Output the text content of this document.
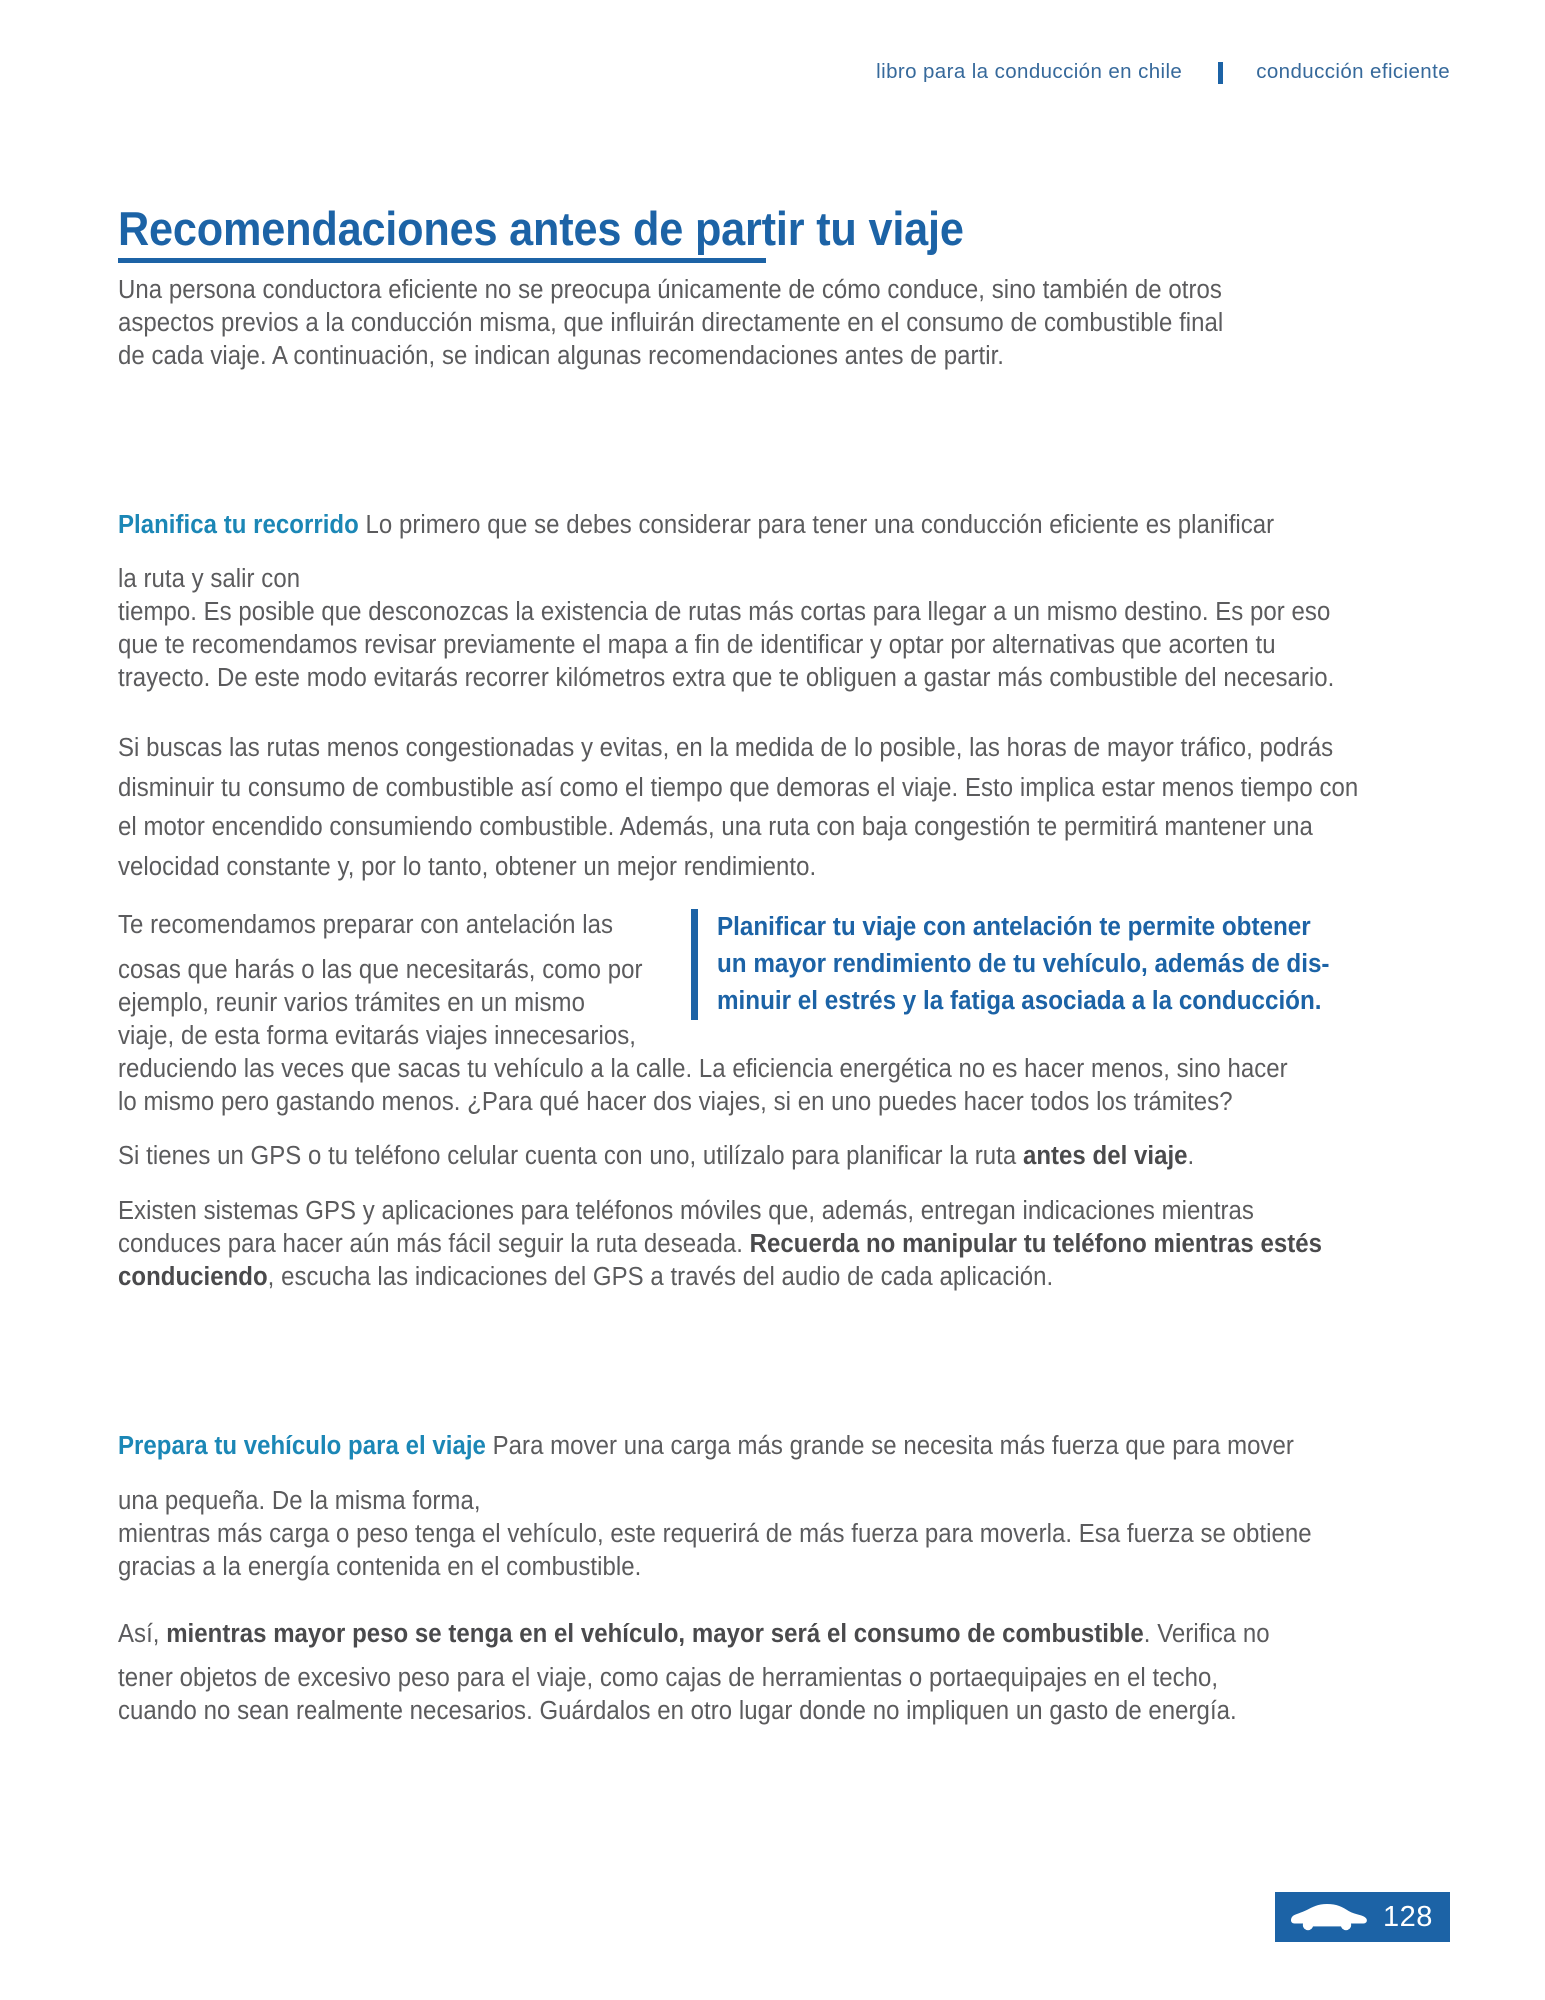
libro para la conducción en chile	conducción eficiente
Recomendaciones antes de partir tu viaje

Una persona conductora eficiente no se preocupa únicamente de cómo conduce, sino también de otros

aspectos previos a la conducción misma, que influirán directamente en el consumo de combustible final

de cada viaje. A continuación, se indican algunas recomendaciones antes de partir.

Planifica tu recorrido Lo primero que se debes considerar para tener una conducción eficiente es planificar

la ruta y salir con

tiempo. Es posible que desconozcas la existencia de rutas más cortas para llegar a un mismo destino. Es por eso que te recomendamos revisar previamente el mapa a fin de identificar y optar por alternativas que acorten tu trayecto. De este modo evitarás recorrer kilómetros extra que te obliguen a gastar más combustible del necesario.

Si buscas las rutas menos congestionadas y evitas, en la medida de lo posible, las horas de mayor tráfico, podrás disminuir tu consumo de combustible así como el tiempo que demoras el viaje. Esto implica estar menos tiempo con el motor encendido consumiendo combustible. Además, una ruta con baja congestión te permitirá mantener una velocidad constante y, por lo tanto, obtener un mejor rendimiento.

Planificar tu viaje con antelación te permite obtener

un mayor rendimiento de tu vehículo, además de dis-

minuir el estrés y la fatiga asociada a la conducción.

Te recomendamos preparar con antelación las

cosas que harás o las que necesitarás, como por

ejemplo, reunir varios trámites en un mismo

viaje, de esta forma evitarás viajes innecesarios,

reduciendo las veces que sacas tu vehículo a la calle. La eficiencia energética no es hacer menos, sino hacer

lo mismo pero gastando menos. ¿Para qué hacer dos viajes, si en uno puedes hacer todos los trámites?

Si tienes un GPS o tu teléfono celular cuenta con uno, utilízalo para planificar la ruta antes del viaje.

Existen sistemas GPS y aplicaciones para teléfonos móviles que, además, entregan indicaciones mientras conduces para hacer aún más fácil seguir la ruta deseada. Recuerda no manipular tu teléfono mientras estés conduciendo, escucha las indicaciones del GPS a través del audio de cada aplicación.

Prepara tu vehículo para el viaje Para mover una carga más grande se necesita más fuerza que para mover

una pequeña. De la misma forma,

mientras más carga o peso tenga el vehículo, este requerirá de más fuerza para moverla. Esa fuerza se obtiene gracias a la energía contenida en el combustible.

Así, mientras mayor peso se tenga en el vehículo, mayor será el consumo de combustible. Verifica no

tener objetos de excesivo peso para el viaje, como cajas de herramientas o portaequipajes en el techo,

cuando no sean realmente necesarios. Guárdalos en otro lugar donde no impliquen un gasto de energía.

128
